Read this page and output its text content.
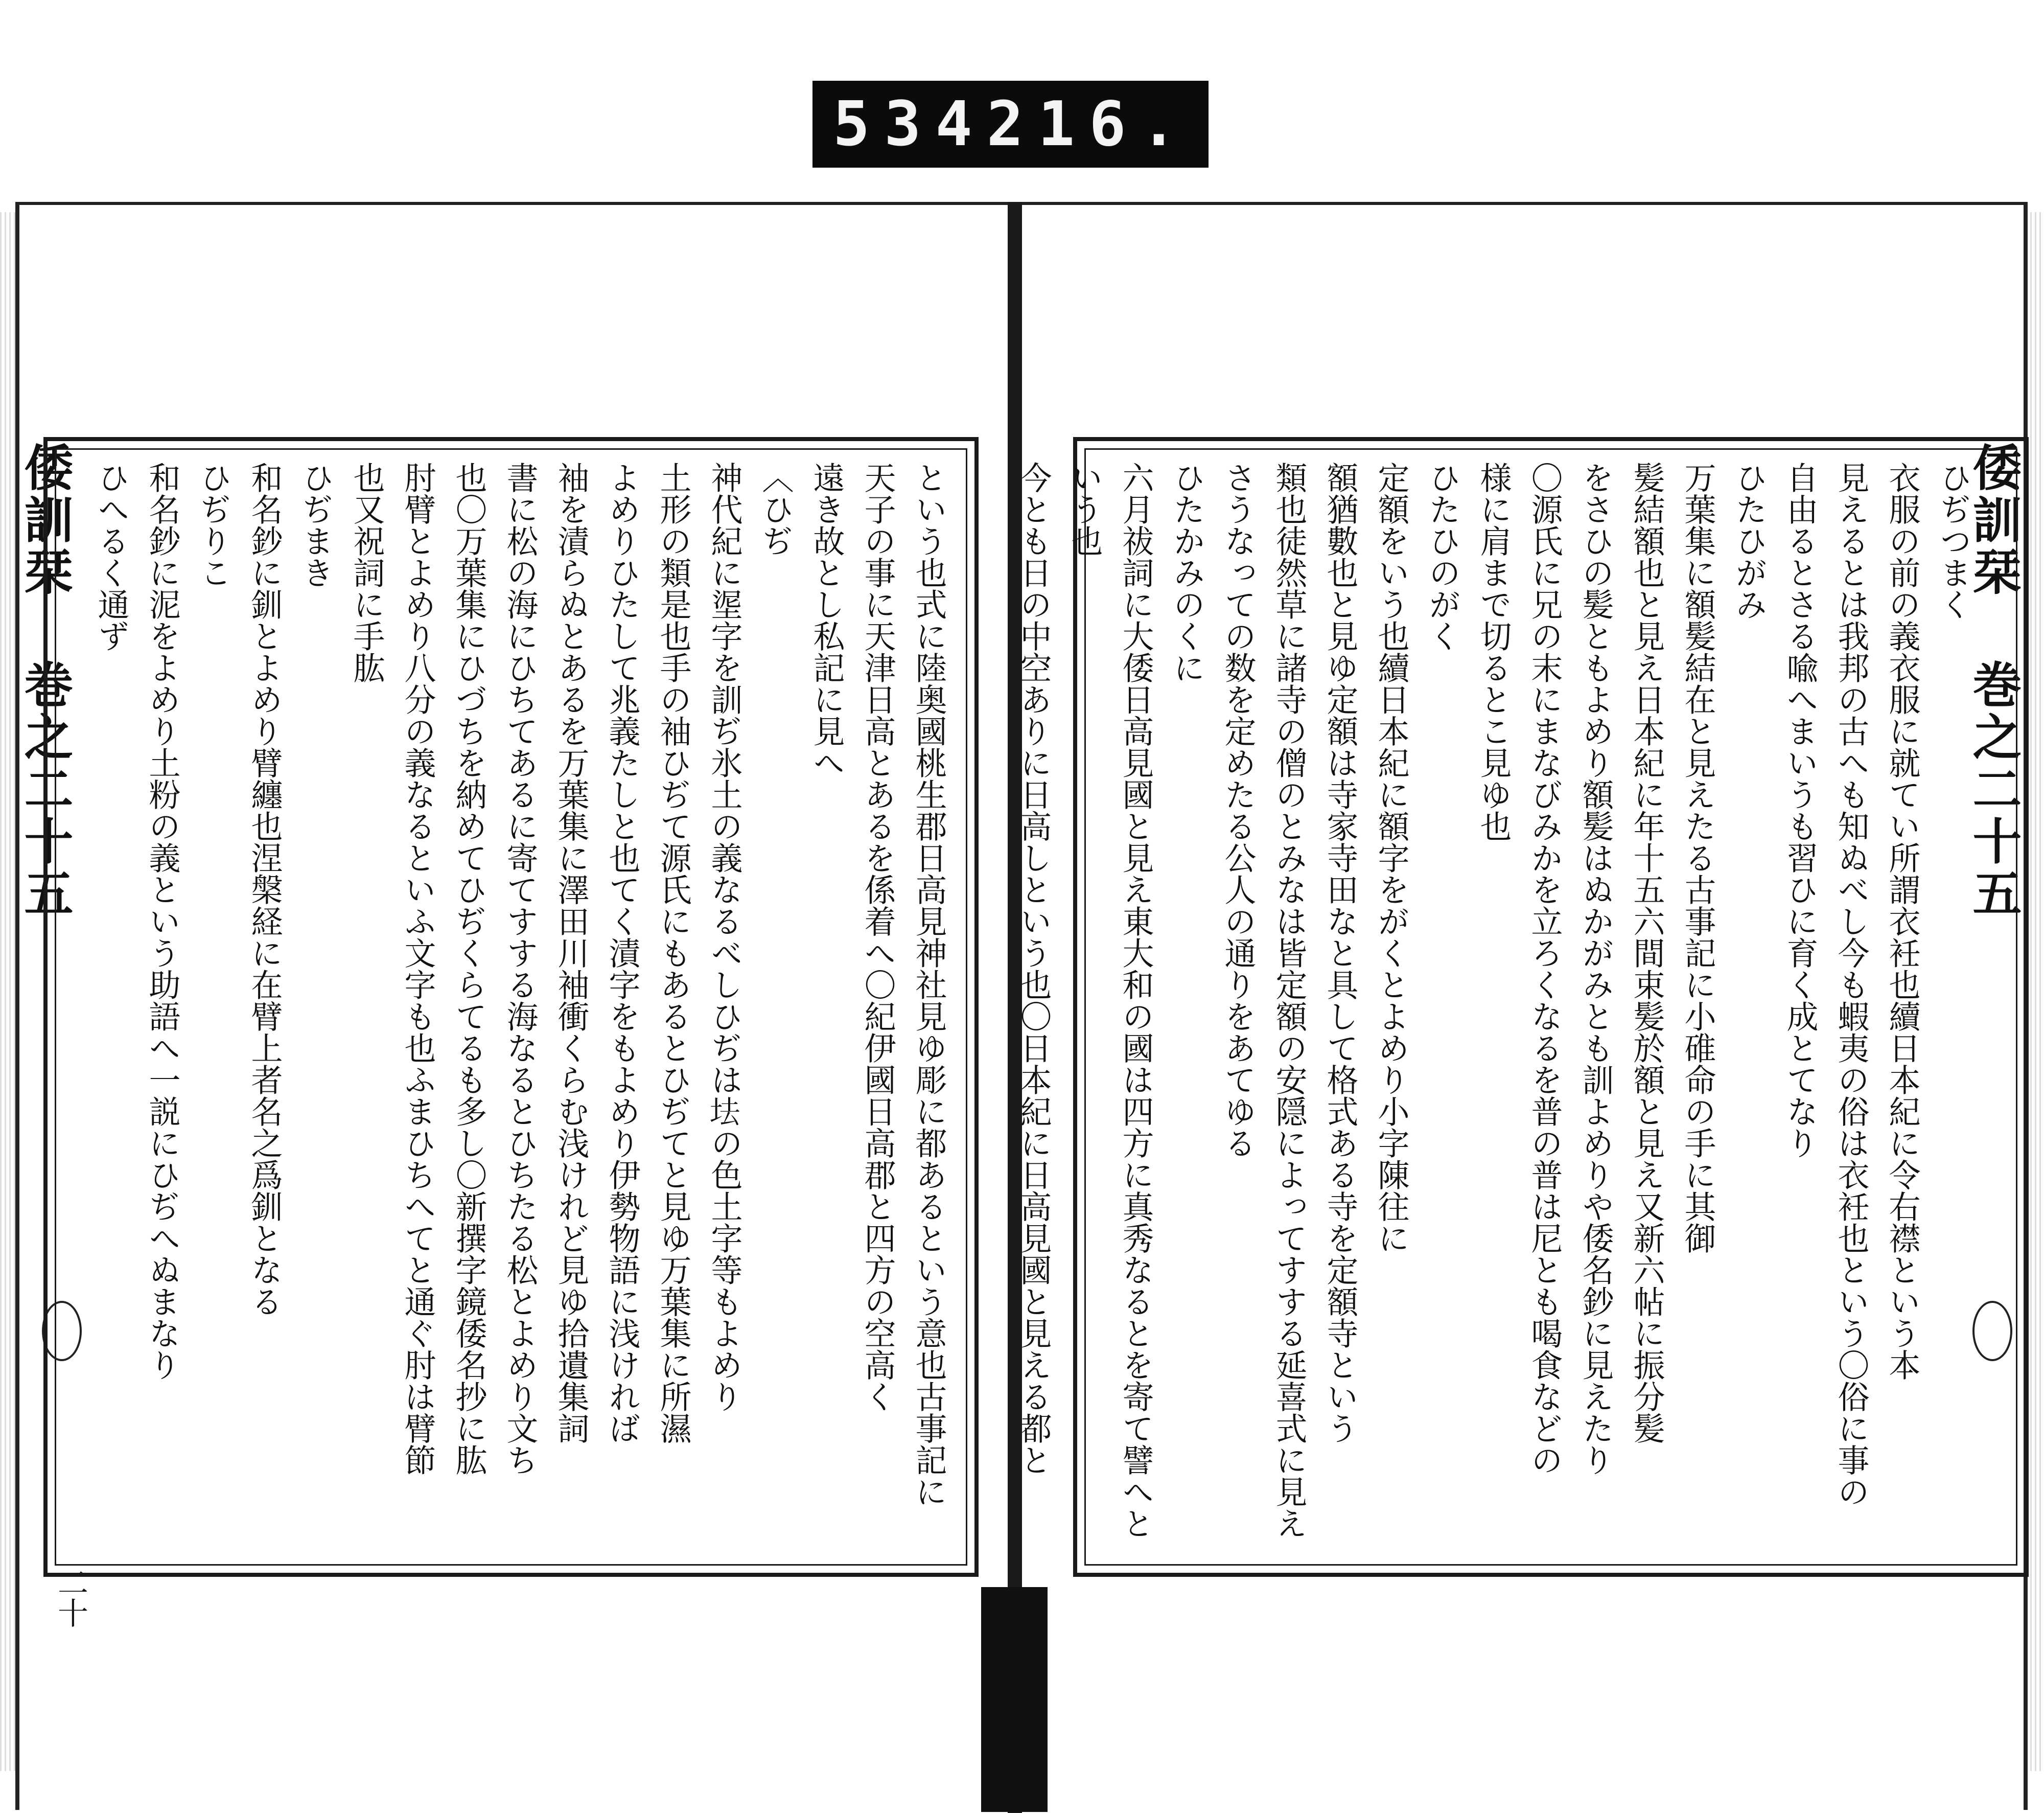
534 216.
倭訓栞 巻之二十五	倭訓栞 巻之二十五
二十

という也式に陸奥國桃生郡日高見神社見ゆ彫に都あるという意也古事記に

天子の事に天津日高とあるを係着へ〇紀伊國日高郡と四方の空高く

遠き故とし私記に見へ

〈ひぢ

神代紀に埿字を訓ぢ氷土の義なるべしひぢは𡊛の色土字等もよめり

土形の類是也手の袖ひぢて源氏にもあるとひぢてと見ゆ万葉集に所濕

よめりひたして兆義たしと也てく漬字をもよめり伊勢物語に浅ければ

袖を漬らぬとあるを万葉集に澤田川袖衝くらむ浅けれど見ゆ拾遺集詞

書に松の海にひちてあるに寄てすする海なるとひちたる松とよめり文ち

也〇万葉集にひづちを納めてひぢくらてるも多し〇新撰字鏡倭名抄に肱

肘臂とよめり八分の義なるといふ文字も也ふまひちへてと通ぐ肘は臂節

也又祝詞に手肱

ひぢまき

和名鈔に釧とよめり臂纏也涅槃経に在臂上者名之爲釧となる

ひぢりこ

和名鈔に泥をよめり土粉の義という助語へ一説にひぢへぬまなり

ひへるく通ず	ひぢつまく

衣服の前の義衣服に就てい所謂衣衽也續日本紀に令右襟という本

見えるとは我邦の古へも知ぬべし今も蝦夷の俗は衣衽也という〇俗に事の

自由るとさる喩へまいうも習ひに育く成とてなり

ひたひがみ

万葉集に額髪結在と見えたる古事記に小碓命の手に其御

髪結額也と見え日本紀に年十五六間束髪於額と見え又新六帖に振分髪

をさひの髪ともよめり額髪はぬかがみとも訓よめりや倭名鈔に見えたり

〇源氏に兄の末にまなびみかを立ろくなるを普の普は尼とも喝食などの

様に肩まで切るとこ見ゆ也

ひたひのがく

定額をいう也續日本紀に額字をがくとよめり小字陳往に

額猶數也と見ゆ定額は寺家寺田なと具して格式ある寺を定額寺という

類也徒然草に諸寺の僧のとみなは皆定額の安隠によってすする延喜式に見え

さうなっての数を定めたる公人の通りをあてゆる

ひたかみのくに

六月祓詞に大倭日高見國と見え東大和の國は四方に真秀なるとを寄て譬へという也

今とも日の中空ありに日高しという也〇日本紀に日高見國と見える都と
